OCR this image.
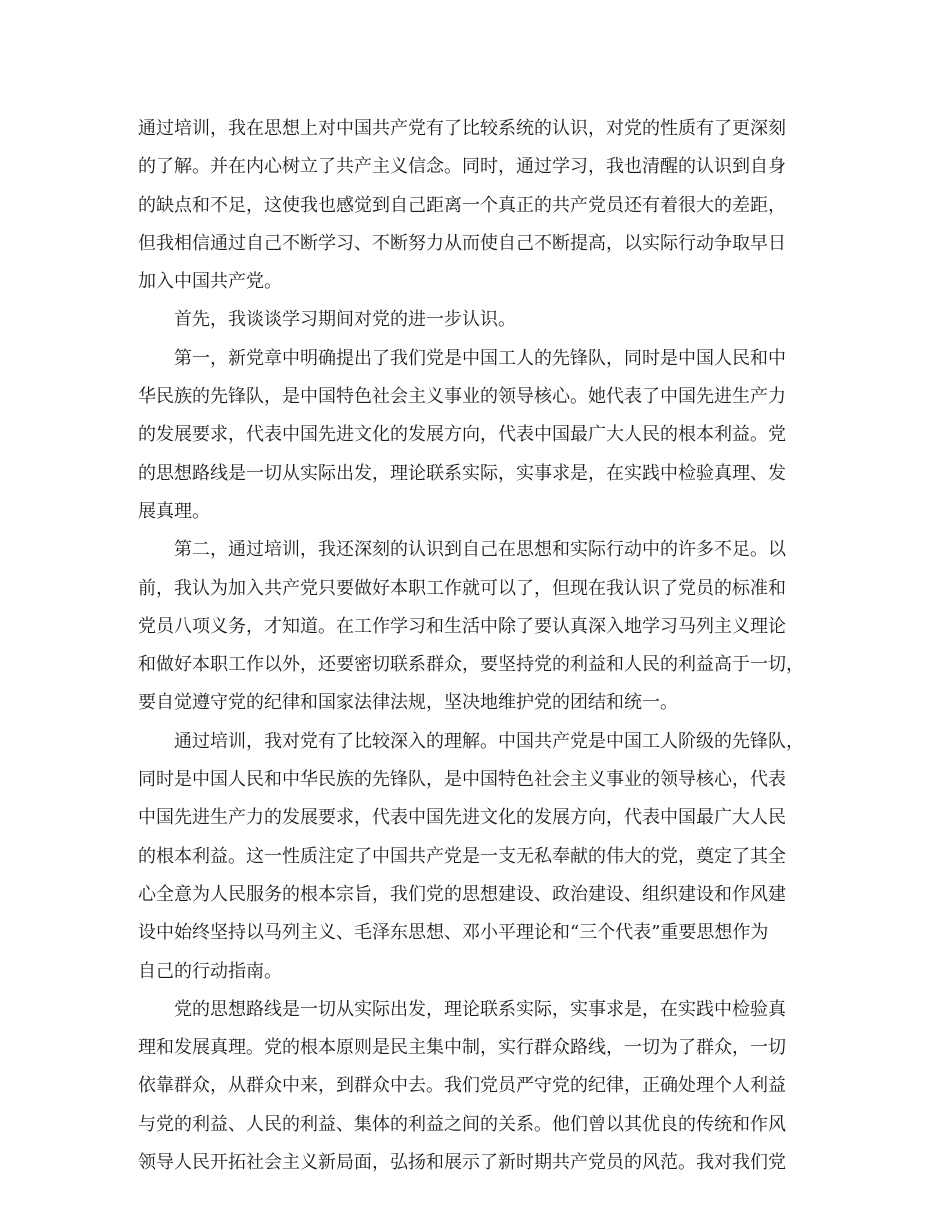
通过培训，我在思想上对中国共产党有了比较系统的认识，对党的性质有了更深刻
的了解。并在内心树立了共产主义信念。同时，通过学习，我也清醒的认识到自身
的缺点和不足，这使我也感觉到自己距离一个真正的共产党员还有着很大的差距，
但我相信通过自己不断学习、不断努力从而使自己不断提高，以实际行动争取早日
加入中国共产党。
首先，我谈谈学习期间对党的进一步认识。
第一，新党章中明确提出了我们党是中国工人的先锋队，同时是中国人民和中
华民族的先锋队，是中国特色社会主义事业的领导核心。她代表了中国先进生产力
的发展要求，代表中国先进文化的发展方向，代表中国最广大人民的根本利益。党
的思想路线是一切从实际出发，理论联系实际，实事求是，在实践中检验真理、发
展真理。
第二，通过培训，我还深刻的认识到自己在思想和实际行动中的许多不足。以
前，我认为加入共产党只要做好本职工作就可以了，但现在我认识了党员的标准和
党员八项义务，才知道。在工作学习和生活中除了要认真深入地学习马列主义理论
和做好本职工作以外，还要密切联系群众，要坚持党的利益和人民的利益高于一切，
要自觉遵守党的纪律和国家法律法规，坚决地维护党的团结和统一。
通过培训，我对党有了比较深入的理解。中国共产党是中国工人阶级的先锋队，
同时是中国人民和中华民族的先锋队，是中国特色社会主义事业的领导核心，代表
中国先进生产力的发展要求，代表中国先进文化的发展方向，代表中国最广大人民
的根本利益。这一性质注定了中国共产党是一支无私奉献的伟大的党，奠定了其全
心全意为人民服务的根本宗旨，我们党的思想建设、政治建设、组织建设和作风建
设中始终坚持以马列主义、毛泽东思想、邓小平理论和“三个代表”重要思想作为
自己的行动指南。
党的思想路线是一切从实际出发，理论联系实际，实事求是，在实践中检验真
理和发展真理。党的根本原则是民主集中制，实行群众路线，一切为了群众，一切
依靠群众，从群众中来，到群众中去。我们党员严守党的纪律，正确处理个人利益
与党的利益、人民的利益、集体的利益之间的关系。他们曾以其优良的传统和作风
领导人民开拓社会主义新局面，弘扬和展示了新时期共产党员的风范。我对我们党
